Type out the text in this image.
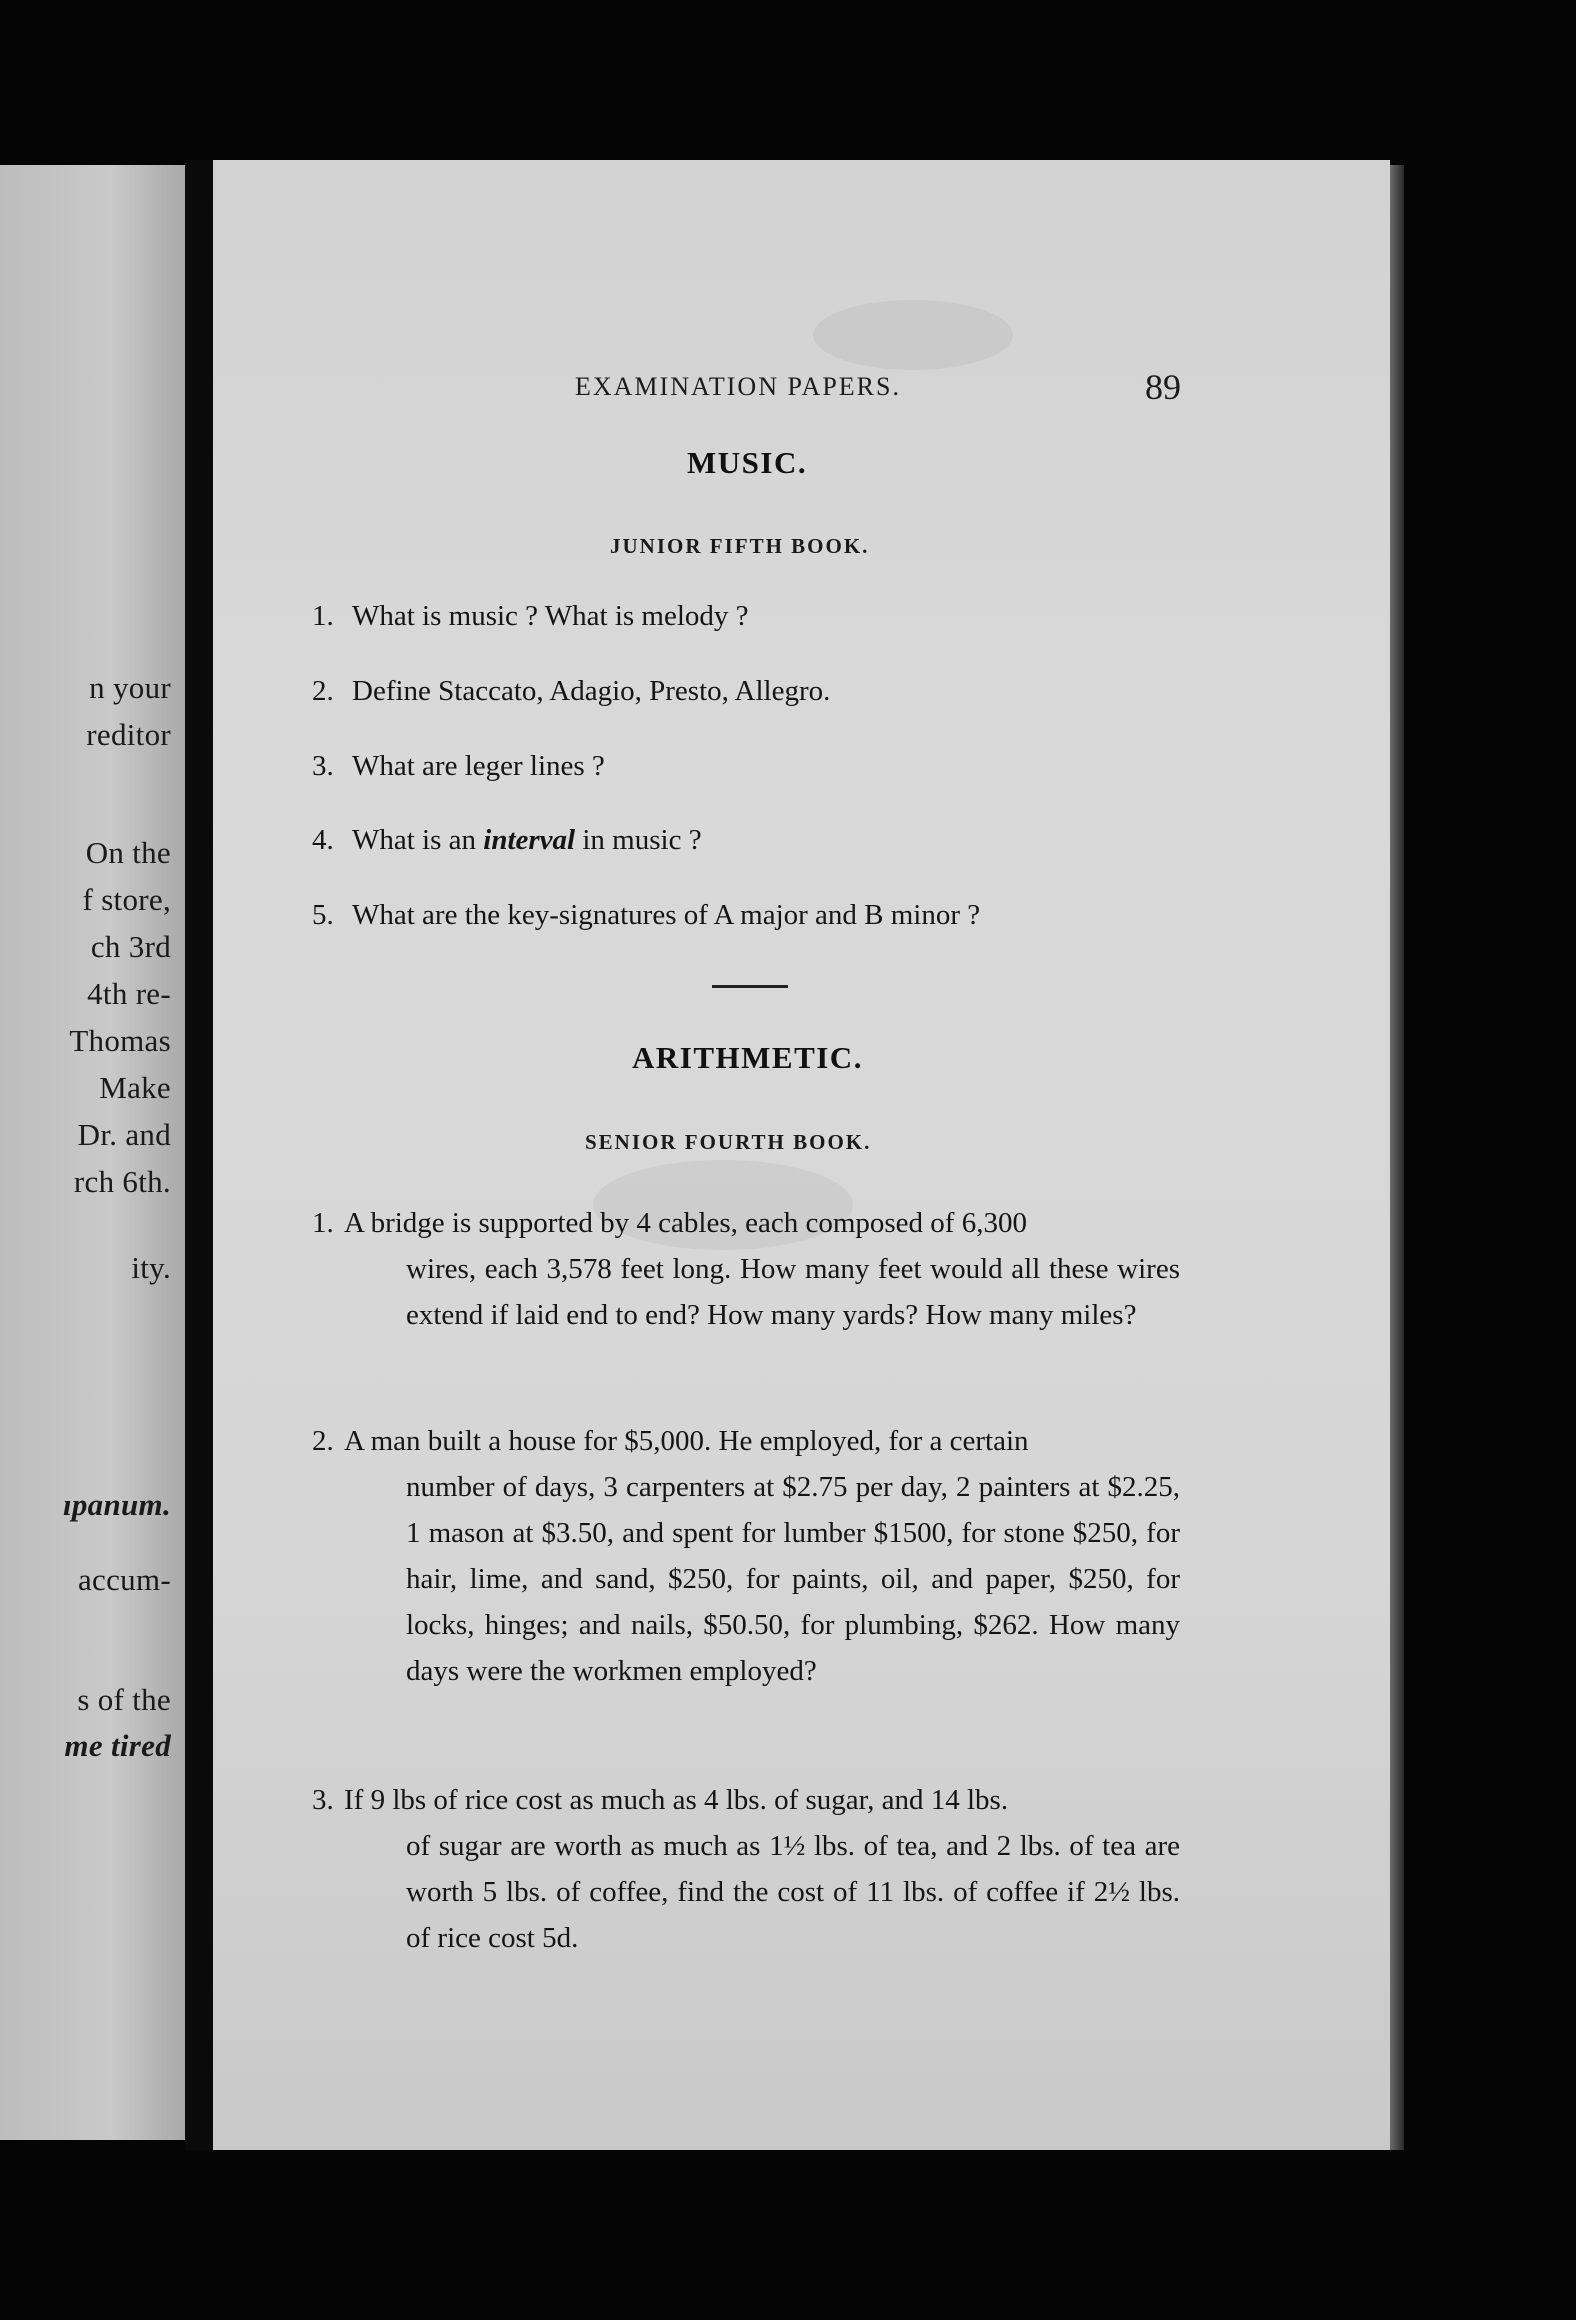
n your
reditor
On the
f store,
ch 3rd
4th re-
Thomas
Make
Dr. and
rch 6th.
ity.
ıpanum.
accum-
s of the
me tired
EXAMINATION PAPERS.	89
MUSIC.
JUNIOR FIFTH BOOK.
1. What is music ? What is melody ?
2. Define Staccato, Adagio, Presto, Allegro.
3. What are leger lines ?
4. What is an interval in music ?
5. What are the key-signatures of A major and B minor ?
ARITHMETIC.
SENIOR FOURTH BOOK.
1. A bridge is supported by 4 cables, each composed of 6,300
wires, each 3,578 feet long. How many feet would all these wires extend if laid end to end? How many yards? How many miles?
2. A man built a house for $5,000. He employed, for a certain
number of days, 3 carpenters at $2.75 per day, 2 painters at $2.25, 1 mason at $3.50, and spent for lumber $1500, for stone $250, for hair, lime, and sand, $250, for paints, oil, and paper, $250, for locks, hinges; and nails, $50.50, for plumbing, $262. How many days were the workmen employed?
3. If 9 lbs of rice cost as much as 4 lbs. of sugar, and 14 lbs.
of sugar are worth as much as 1½ lbs. of tea, and 2 lbs. of tea are worth 5 lbs. of coffee, find the cost of 11 lbs. of coffee if 2½ lbs. of rice cost 5d.
